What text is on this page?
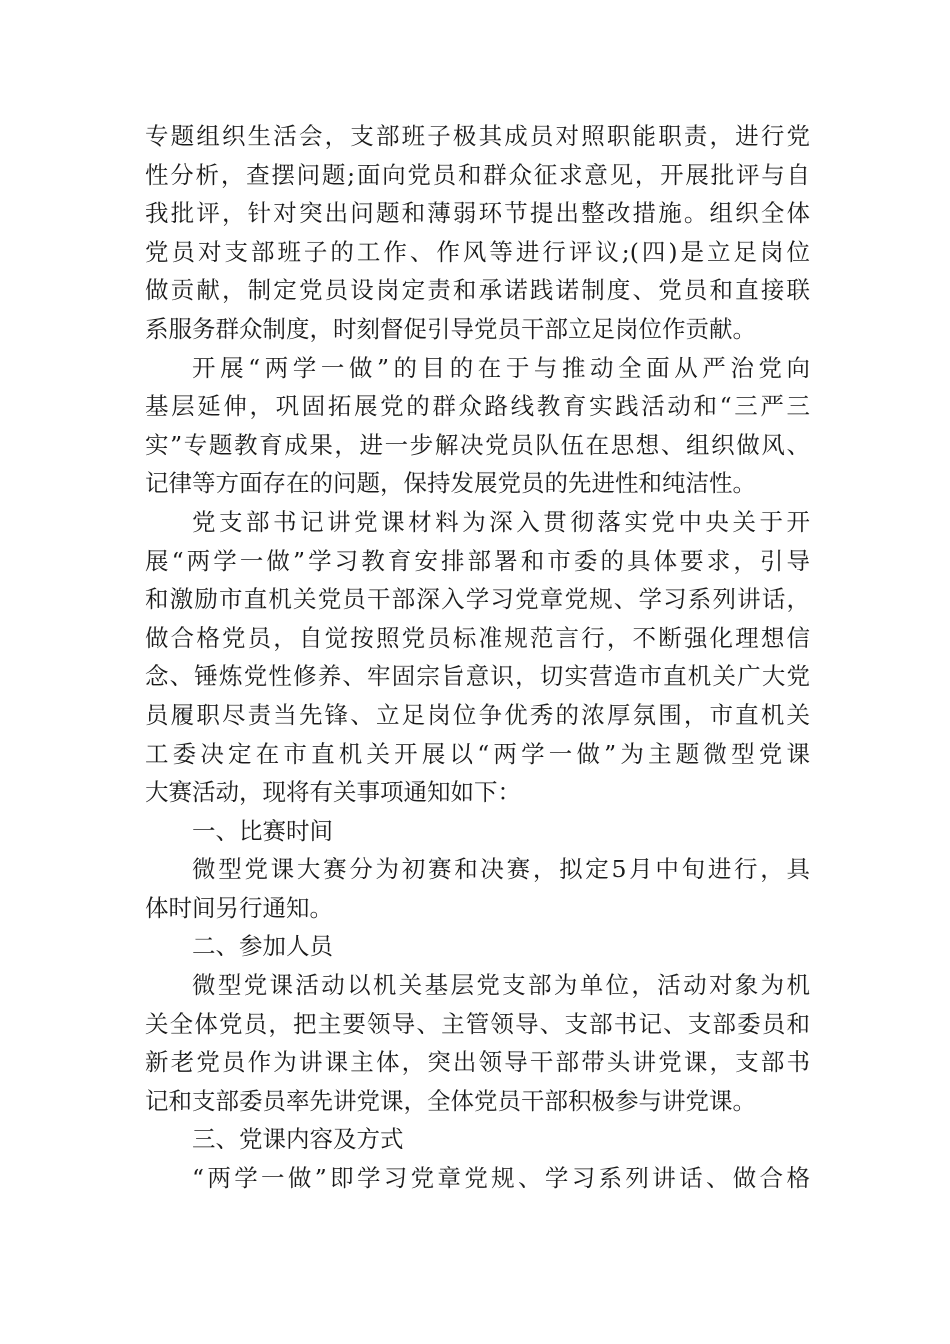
专题组织生活会，支部班子极其成员对照职能职责，进行党
性分析，查摆问题;面向党员和群众征求意见，开展批评与自
我批评，针对突出问题和薄弱环节提出整改措施。组织全体
党员对支部班子的工作、作风等进行评议;(四)是立足岗位
做贡献，制定党员设岗定责和承诺践诺制度、党员和直接联
系服务群众制度，时刻督促引导党员干部立足岗位作贡献。
开展“两学一做”的目的在于与推动全面从严治党向
基层延伸，巩固拓展党的群众路线教育实践活动和“三严三
实”专题教育成果，进一步解决党员队伍在思想、组织做风、
记律等方面存在的问题，保持发展党员的先进性和纯洁性。
党支部书记讲党课材料为深入贯彻落实党中央关于开
展“两学一做”学习教育安排部署和市委的具体要求，引导
和激励市直机关党员干部深入学习党章党规、学习系列讲话，
做合格党员，自觉按照党员标准规范言行，不断强化理想信
念、锤炼党性修养、牢固宗旨意识，切实营造市直机关广大党
员履职尽责当先锋、立足岗位争优秀的浓厚氛围，市直机关
工委决定在市直机关开展以“两学一做”为主题微型党课
大赛活动，现将有关事项通知如下：
一、比赛时间
微型党课大赛分为初赛和决赛，拟定5月中旬进行，具
体时间另行通知。
二、参加人员
微型党课活动以机关基层党支部为单位，活动对象为机
关全体党员，把主要领导、主管领导、支部书记、支部委员和
新老党员作为讲课主体，突出领导干部带头讲党课，支部书
记和支部委员率先讲党课，全体党员干部积极参与讲党课。
三、党课内容及方式
“两学一做”即学习党章党规、学习系列讲话、做合格
